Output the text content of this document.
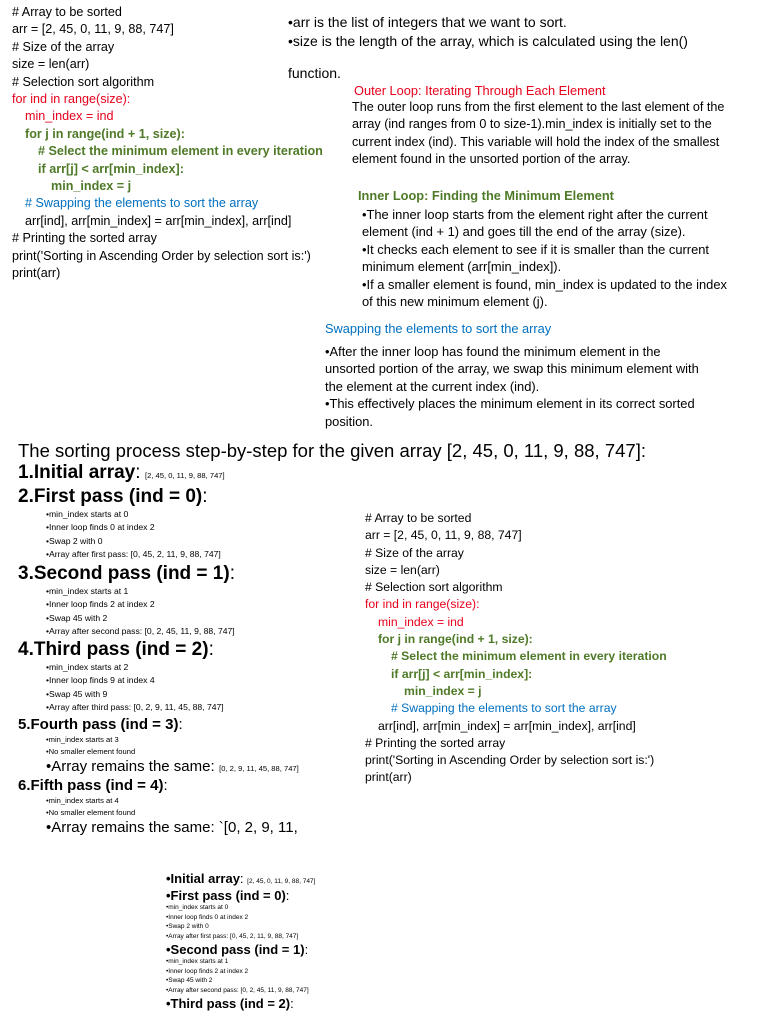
# Array to be sorted
arr = [2, 45, 0, 11, 9, 88, 747]
# Size of the array
size = len(arr)
# Selection sort algorithm
for ind in range(size):
min_index = ind
for j in range(ind + 1, size):
# Select the minimum element in every iteration
if arr[j] < arr[min_index]:
min_index = j
# Swapping the elements to sort the array
arr[ind], arr[min_index] = arr[min_index], arr[ind]
# Printing the sorted array
print('Sorting in Ascending Order by selection sort is:')
print(arr)
•arr is the list of integers that we want to sort.
•size is the length of the array, which is calculated using the len()
function.
Outer Loop: Iterating Through Each Element
The outer loop runs from the first element to the last element of the
array (ind ranges from 0 to size-1).min_index is initially set to the
current index (ind). This variable will hold the index of the smallest
element found in the unsorted portion of the array.
Inner Loop: Finding the Minimum Element
•The inner loop starts from the element right after the current
element (ind + 1) and goes till the end of the array (size).
•It checks each element to see if it is smaller than the current
minimum element (arr[min_index]).
•If a smaller element is found, min_index is updated to the index
of this new minimum element (j).
Swapping the elements to sort the array
•After the inner loop has found the minimum element in the
unsorted portion of the array, we swap this minimum element with
the element at the current index (ind).
•This effectively places the minimum element in its correct sorted
position.
The sorting process step-by-step for the given array [2, 45, 0, 11, 9, 88, 747]:
1.Initial array: [2, 45, 0, 11, 9, 88, 747]
2.First pass (ind = 0):
•min_index starts at 0
•Inner loop finds 0 at index 2
•Swap 2 with 0
•Array after first pass: [0, 45, 2, 11, 9, 88, 747]
3.Second pass (ind = 1):
•min_index starts at 1
•Inner loop finds 2 at index 2
•Swap 45 with 2
•Array after second pass: [0, 2, 45, 11, 9, 88, 747]
4.Third pass (ind = 2):
•min_index starts at 2
•Inner loop finds 9 at index 4
•Swap 45 with 9
•Array after third pass: [0, 2, 9, 11, 45, 88, 747]
5.Fourth pass (ind = 3):
•min_index starts at 3
•No smaller element found
•Array remains the same: [0, 2, 9, 11, 45, 88, 747]
6.Fifth pass (ind = 4):
•min_index starts at 4
•No smaller element found
•Array remains the same: `[0, 2, 9, 11,
# Array to be sorted
arr = [2, 45, 0, 11, 9, 88, 747]
# Size of the array
size = len(arr)
# Selection sort algorithm
for ind in range(size):
min_index = ind
for j in range(ind + 1, size):
# Select the minimum element in every iteration
if arr[j] < arr[min_index]:
min_index = j
# Swapping the elements to sort the array
arr[ind], arr[min_index] = arr[min_index], arr[ind]
# Printing the sorted array
print('Sorting in Ascending Order by selection sort is:')
print(arr)
•Initial array: [2, 45, 0, 11, 9, 88, 747]
•First pass (ind = 0):
•min_index starts at 0
•Inner loop finds 0 at index 2
•Swap 2 with 0
•Array after first pass: [0, 45, 2, 11, 9, 88, 747]
•Second pass (ind = 1):
•min_index starts at 1
•Inner loop finds 2 at index 2
•Swap 45 with 2
•Array after second pass: [0, 2, 45, 11, 9, 88, 747]
•Third pass (ind = 2):
